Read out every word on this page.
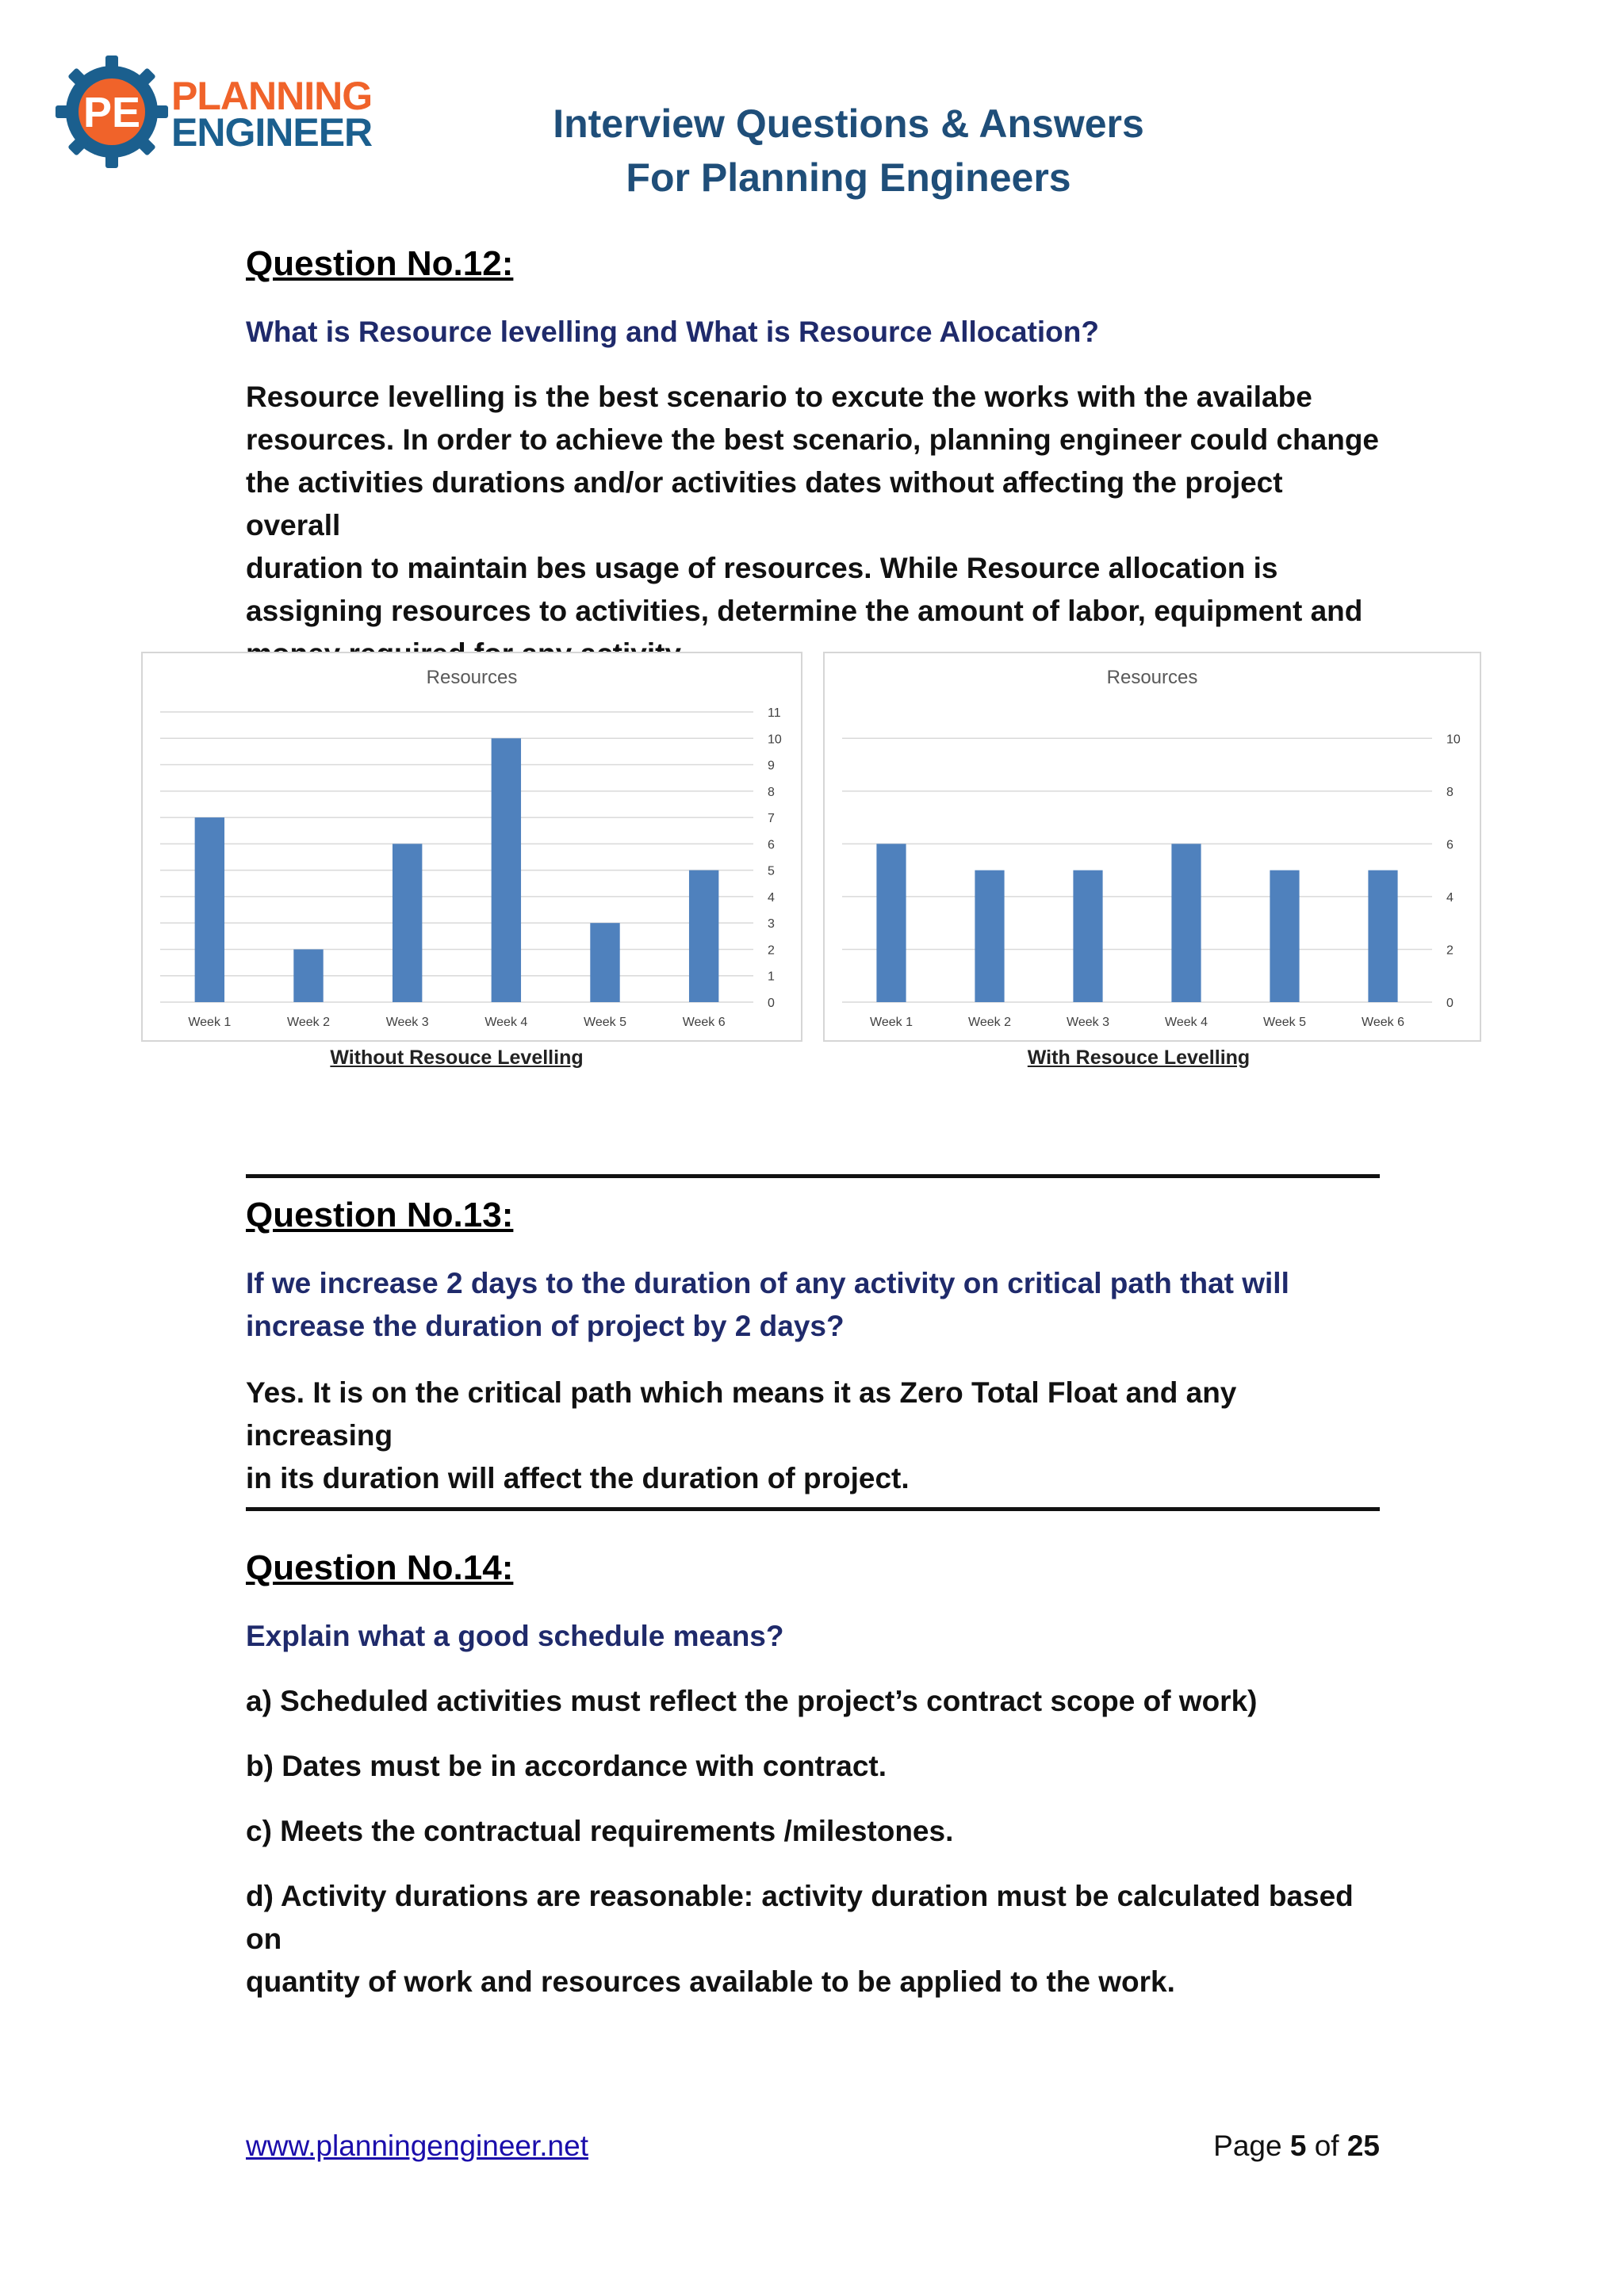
PE PLANNING
ENGINEER	Interview Questions & Answers
For Planning Engineers
Question No.12:
What is Resource levelling and What is Resource Allocation?

Resource levelling is the best scenario to excute the works with the availabe

resources. In order to achieve the best scenario, planning engineer could change

the activities durations and/or activities dates without affecting the project overall

duration to maintain bes usage of resources. While Resource allocation is

assigning resources to activities, determine the amount of labor, equipment and

Resources
0
1
2
3
4
5
6
7
8
9
10
11
Week 1	Week 2	Week 3	Week 4	Week 5	Week 6
Without Resouce Levelling
Resources
0
2
4
6
8
10
Week 1	Week 2	Week 3	Week 4	Week 5	Week 6
With Resouce Levelling
Question No.13:
If we increase 2 days to the duration of any activity on critical path that will
increase the duration of project by 2 days?

Yes. It is on the critical path which means it as Zero Total Float and any increasing

in its duration will affect the duration of project.

Question No.14:
Explain what a good schedule means?
a) Scheduled activities must reflect the project’s contract scope of work)
b) Dates must be in accordance with contract.
c) Meets the contractual requirements /milestones.

d) Activity durations are reasonable: activity duration must be calculated based on

quantity of work and resources available to be applied to the work.

www.planningengineer.net	Page 5 of 25
